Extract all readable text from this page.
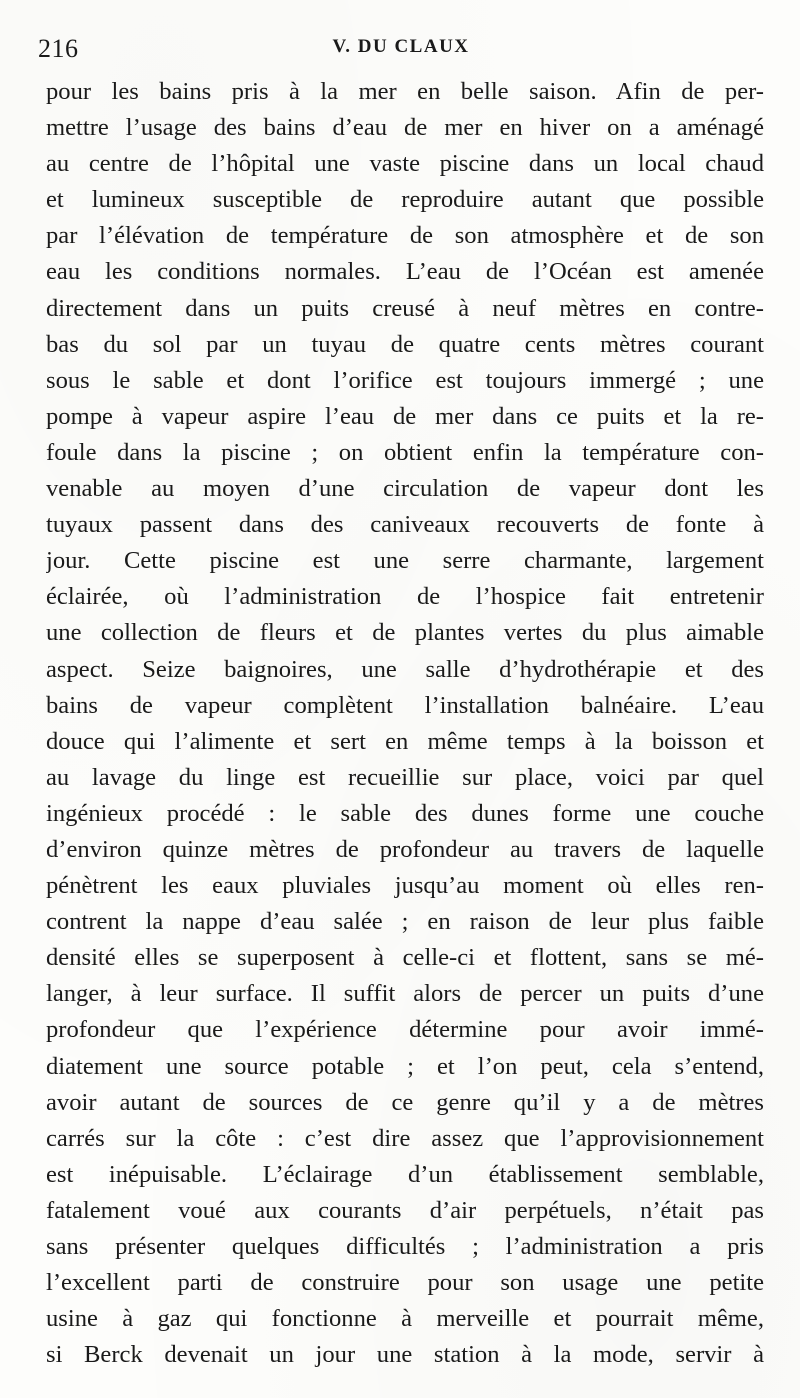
216	V. DU CLAUX
pour les bains pris à la mer en belle saison. Afin de per-
mettre l’usage des bains d’eau de mer en hiver on a aménagé
au centre de l’hôpital une vaste piscine dans un local chaud
et lumineux susceptible de reproduire autant que possible
par l’élévation de température de son atmosphère et de son
eau les conditions normales. L’eau de l’Océan est amenée
directement dans un puits creusé à neuf mètres en contre-
bas du sol par un tuyau de quatre cents mètres courant
sous le sable et dont l’orifice est toujours immergé ; une
pompe à vapeur aspire l’eau de mer dans ce puits et la re-
foule dans la piscine ; on obtient enfin la température con-
venable au moyen d’une circulation de vapeur dont les
tuyaux passent dans des caniveaux recouverts de fonte à
jour. Cette piscine est une serre charmante, largement
éclairée, où l’administration de l’hospice fait entretenir
une collection de fleurs et de plantes vertes du plus aimable
aspect. Seize baignoires, une salle d’hydrothérapie et des
bains de vapeur complètent l’installation balnéaire. L’eau
douce qui l’alimente et sert en même temps à la boisson et
au lavage du linge est recueillie sur place, voici par quel
ingénieux procédé : le sable des dunes forme une couche
d’environ quinze mètres de profondeur au travers de laquelle
pénètrent les eaux pluviales jusqu’au moment où elles ren-
contrent la nappe d’eau salée ; en raison de leur plus faible
densité elles se superposent à celle-ci et flottent, sans se mé-
langer, à leur surface. Il suffit alors de percer un puits d’une
profondeur que l’expérience détermine pour avoir immé-
diatement une source potable ; et l’on peut, cela s’entend,
avoir autant de sources de ce genre qu’il y a de mètres
carrés sur la côte : c’est dire assez que l’approvisionnement
est inépuisable. L’éclairage d’un établissement semblable,
fatalement voué aux courants d’air perpétuels, n’était pas
sans présenter quelques difficultés ; l’administration a pris
l’excellent parti de construire pour son usage une petite
usine à gaz qui fonctionne à merveille et pourrait même,
si Berck devenait un jour une station à la mode, servir à
